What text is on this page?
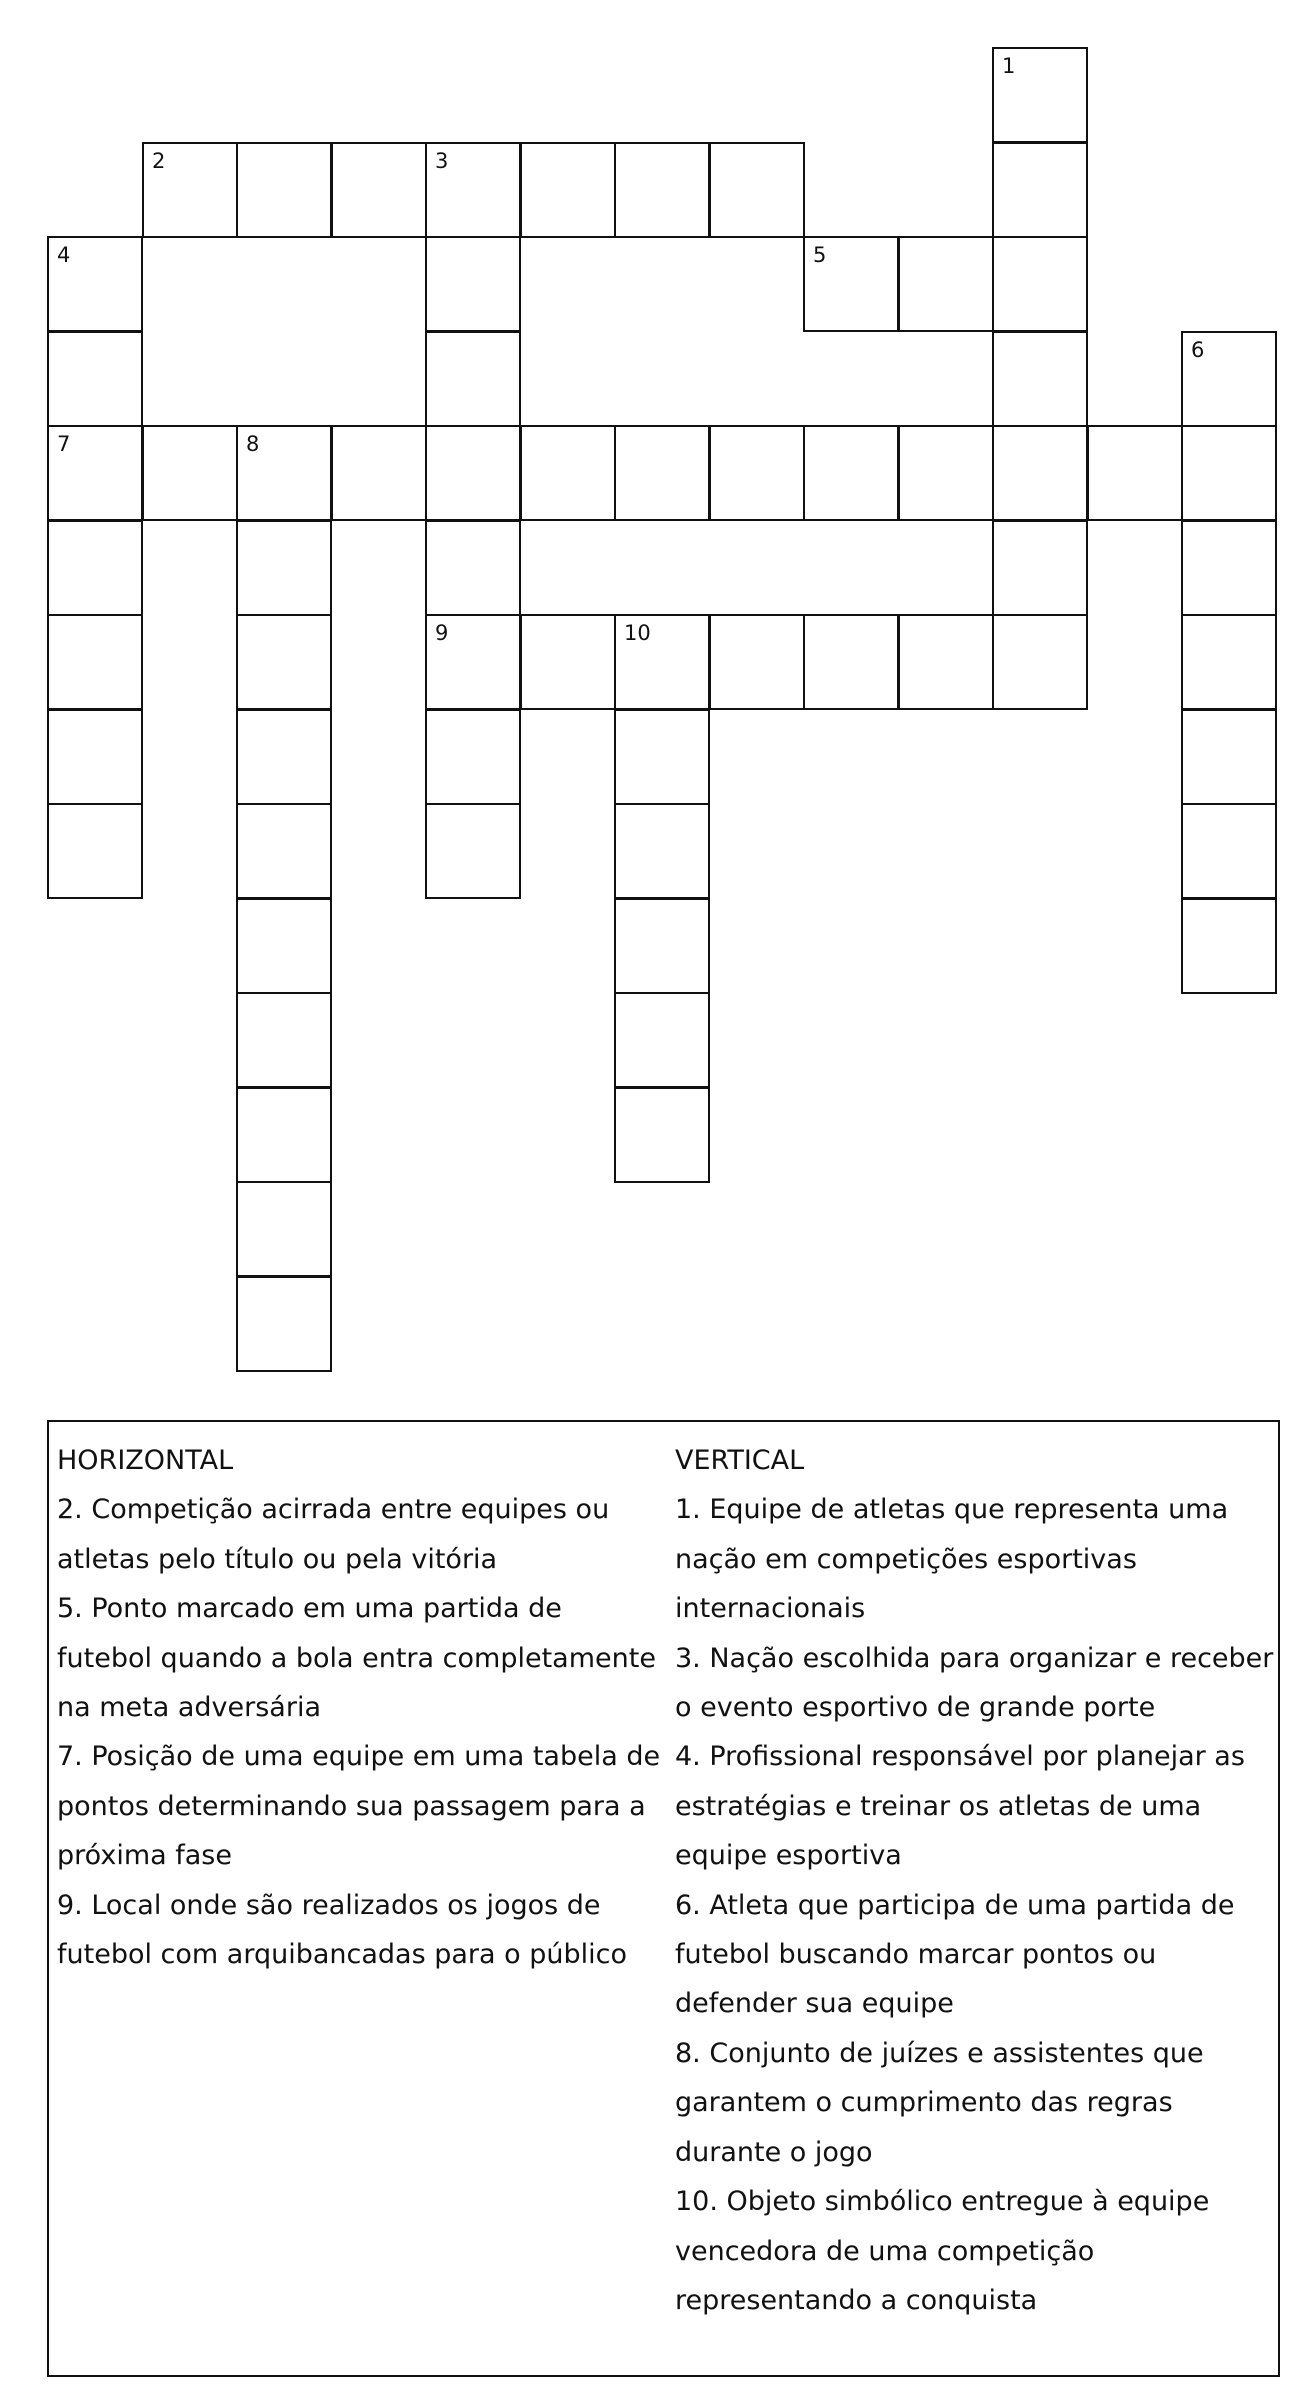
1
2	3
4	5
6
7	8
9	10
HORIZONTAL
2. Competição acirrada entre equipes ou
atletas pelo título ou pela vitória
5. Ponto marcado em uma partida de
futebol quando a bola entra completamente
na meta adversária
7. Posição de uma equipe em uma tabela de
pontos determinando sua passagem para a
próxima fase
9. Local onde são realizados os jogos de
futebol com arquibancadas para o público
VERTICAL
1. Equipe de atletas que representa uma
nação em competições esportivas
internacionais
3. Nação escolhida para organizar e receber
o evento esportivo de grande porte
4. Profissional responsável por planejar as
estratégias e treinar os atletas de uma
equipe esportiva
6. Atleta que participa de uma partida de
futebol buscando marcar pontos ou
defender sua equipe
8. Conjunto de juízes e assistentes que
garantem o cumprimento das regras
durante o jogo
10. Objeto simbólico entregue à equipe
vencedora de uma competição
representando a conquista
